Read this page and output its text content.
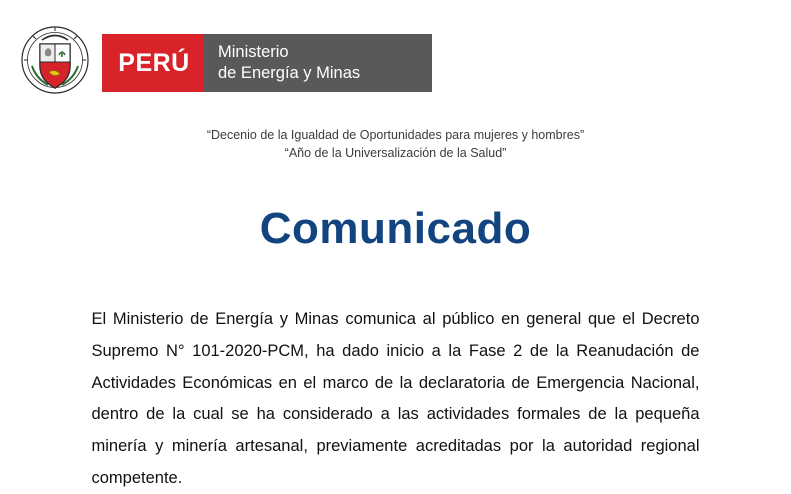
PERÚ Ministerio
de Energía y Minas
“Decenio de la Igualdad de Oportunidades para mujeres y hombres”
“Año de la Universalización de la Salud”
Comunicado

El Ministerio de Energía y Minas comunica al público en general que el Decreto Supremo N° 101-2020-PCM, ha dado inicio a la Fase 2 de la Reanudación de Actividades Económicas en el marco de la declaratoria de Emergencia Nacional, dentro de la cual se ha considerado a las actividades formales de la pequeña minería y minería artesanal, previamente acreditadas por la autoridad regional competente.
